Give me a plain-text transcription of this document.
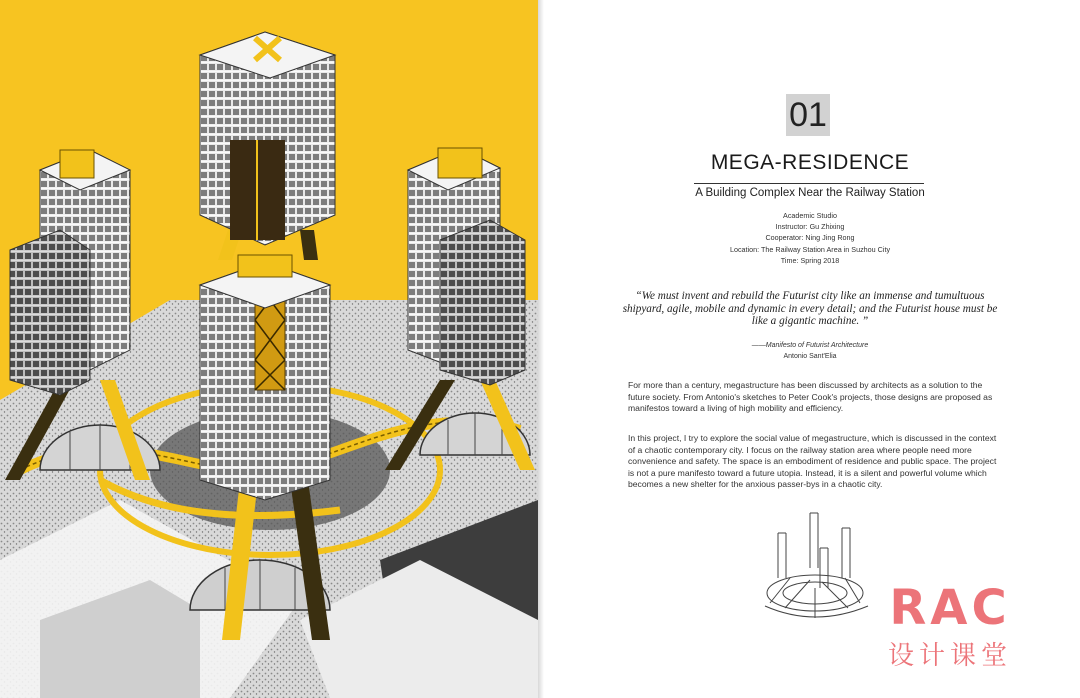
01
MEGA-RESIDENCE
A Building Complex Near the Railway Station
Academic Studio
Instructor: Gu Zhixing
Cooperator: Ning Jing Rong
Location: The Railway Station Area in Suzhou City
Time: Spring 2018
“We must invent and rebuild the Futurist city like an immense and tumultuous shipyard, agile, mobile and dynamic in every detail; and the Futurist house must be like a gigantic machine. ”
——Manifesto of Futurist Architecture
Antonio Sant'Elia
For more than a century, megastructure has been discussed by architects as a solution to the future society. From Antonio's sketches to Peter Cook's projects, those designs are proposed as manifestos toward a living of high mobility and efficiency.
In this project, I try to explore the social value of megastructure, which is discussed in the context of a chaotic contemporary city. I focus on the railway station area where people need more convenience and safety. The space is an embodiment of residence and public space. The project is not a pure manifesto toward a future utopia. Instead, it is a silent and powerful volume which becomes a new shelter for the anxious passer-bys in a chaotic city.
RAC
设计课堂
